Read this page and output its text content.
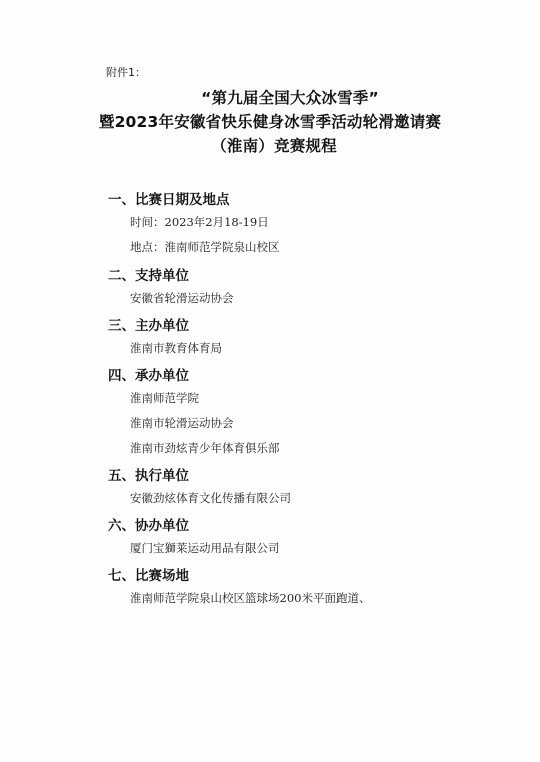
附件1：
“第九届全国大众冰雪季”
暨2023年安徽省快乐健身冰雪季活动轮滑邀请赛
（淮南）竞赛规程
一、比赛日期及地点
时间：2023年2月18-19日
地点：淮南师范学院泉山校区
二、支持单位
安徽省轮滑运动协会
三、主办单位
淮南市教育体育局
四、承办单位
淮南师范学院
淮南市轮滑运动协会
淮南市劲炫青少年体育俱乐部
五、执行单位
安徽劲炫体育文化传播有限公司
六、协办单位
厦门宝獅莱运动用品有限公司
七、比赛场地
淮南师范学院泉山校区篮球场200米平面跑道、
